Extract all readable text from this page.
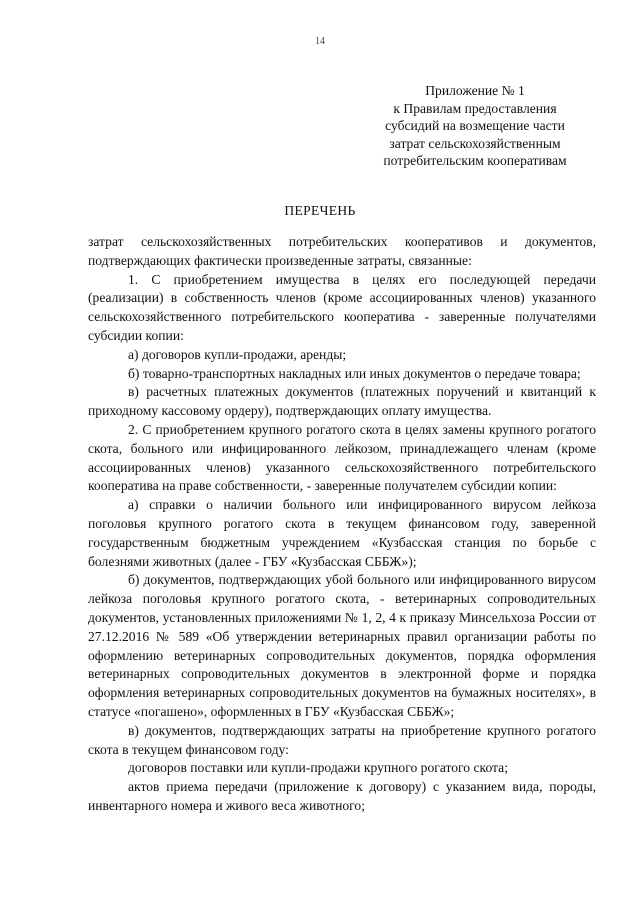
14
Приложение № 1
к Правилам предоставления
субсидий на возмещение части
затрат сельскохозяйственным
потребительским кооперативам
ПЕРЕЧЕНЬ

затрат сельскохозяйственных потребительских кооперативов и документов, подтверждающих фактически произведенные затраты, связанные:

1. С приобретением имущества в целях его последующей передачи (реализации) в собственность членов (кроме ассоциированных членов) указанного сельскохозяйственного потребительского кооператива - заверенные получателями субсидии копии:

а) договоров купли-продажи, аренды;

б) товарно-транспортных накладных или иных документов о передаче товара;

в) расчетных платежных документов (платежных поручений и квитанций к приходному кассовому ордеру), подтверждающих оплату имущества.

2. С приобретением крупного рогатого скота в целях замены крупного рогатого скота, больного или инфицированного лейкозом, принадлежащего членам (кроме ассоциированных членов) указанного сельскохозяйственного потребительского кооператива на праве собственности, - заверенные получателем субсидии копии:

а) справки о наличии больного или инфицированного вирусом лейкоза поголовья крупного рогатого скота в текущем финансовом году, заверенной государственным бюджетным учреждением «Кузбасская станция по борьбе с болезнями животных (далее - ГБУ «Кузбасская СББЖ»);

б) документов, подтверждающих убой больного или инфицированного вирусом лейкоза поголовья крупного рогатого скота, - ветеринарных сопроводительных документов, установленных приложениями № 1, 2, 4 к приказу Минсельхоза России от 27.12.2016 № 589 «Об утверждении ветеринарных правил организации работы по оформлению ветеринарных сопроводительных документов, порядка оформления ветеринарных сопроводительных документов в электронной форме и порядка оформления ветеринарных сопроводительных документов на бумажных носителях», в статусе «погашено», оформленных в ГБУ «Кузбасская СББЖ»;

в) документов, подтверждающих затраты на приобретение крупного рогатого скота в текущем финансовом году:

договоров поставки или купли-продажи крупного рогатого скота;

актов приема передачи (приложение к договору) с указанием вида, породы, инвентарного номера и живого веса животного;
